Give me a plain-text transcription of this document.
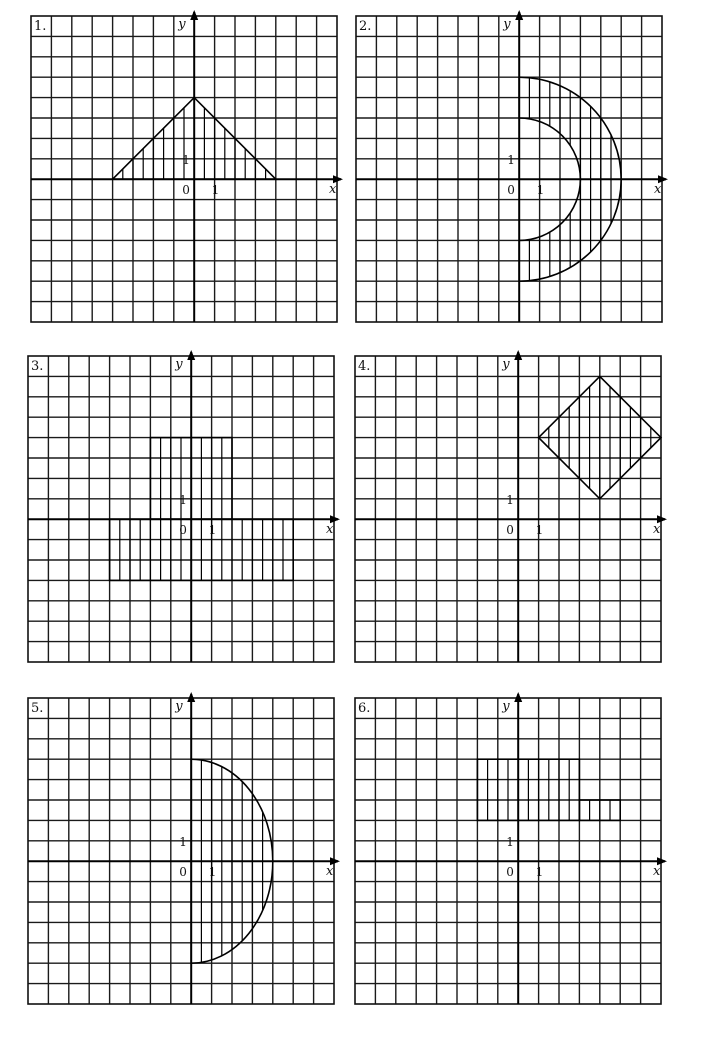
1.
x
y
0 1
1
2.
x
y
0 1
1
3.
x
y
0 1
1
4.
x
y
0 1
1
5.
x
y
0 1
1
6.
x
y
0 1
1
